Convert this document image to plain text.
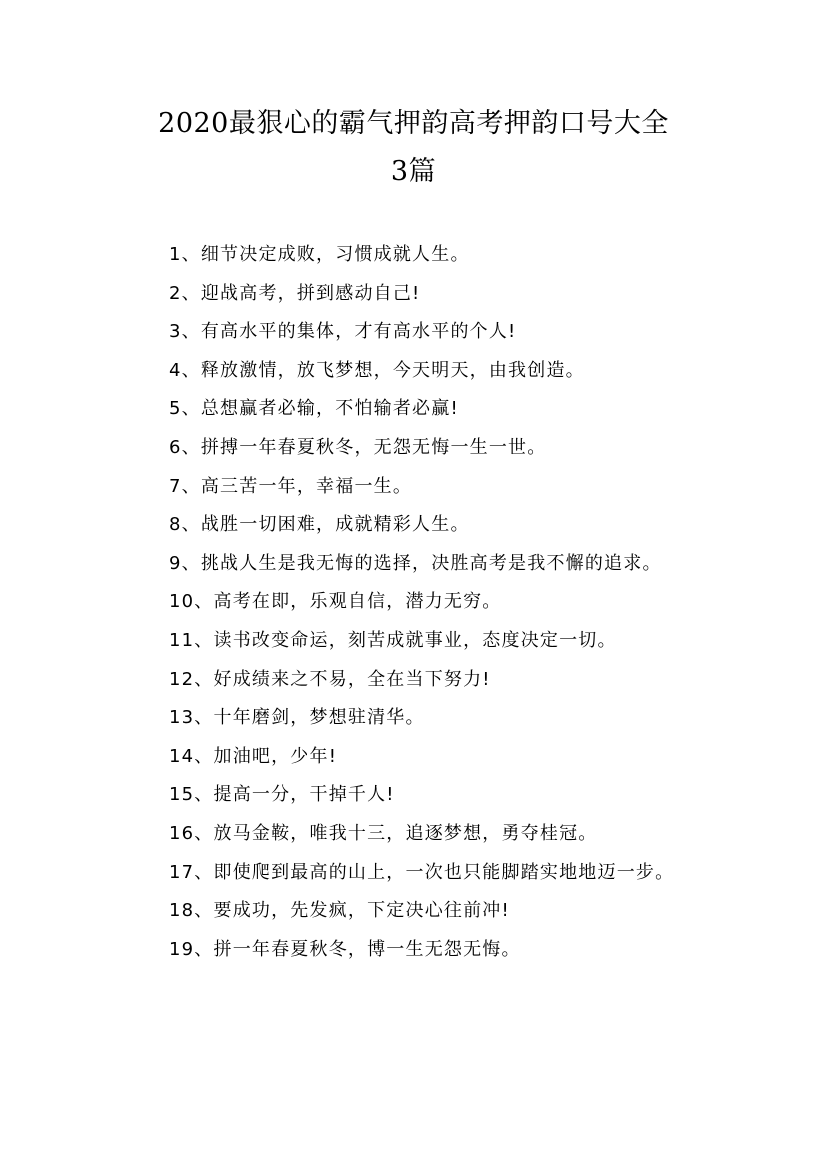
2020最狠心的霸气押韵高考押韵口号大全
3篇
1、细节决定成败，习惯成就人生。
2、迎战高考，拼到感动自己!
3、有高水平的集体，才有高水平的个人!
4、释放激情，放飞梦想，今天明天，由我创造。
5、总想赢者必输，不怕输者必赢!
6、拼搏一年春夏秋冬，无怨无悔一生一世。
7、高三苦一年，幸福一生。
8、战胜一切困难，成就精彩人生。
9、挑战人生是我无悔的选择，决胜高考是我不懈的追求。
10、高考在即，乐观自信，潜力无穷。
11、读书改变命运，刻苦成就事业，态度决定一切。
12、好成绩来之不易，全在当下努力!
13、十年磨剑，梦想驻清华。
14、加油吧，少年!
15、提高一分，干掉千人!
16、放马金鞍，唯我十三，追逐梦想，勇夺桂冠。
17、即使爬到最高的山上，一次也只能脚踏实地地迈一步。
18、要成功，先发疯，下定决心往前冲!
19、拼一年春夏秋冬，博一生无怨无悔。
